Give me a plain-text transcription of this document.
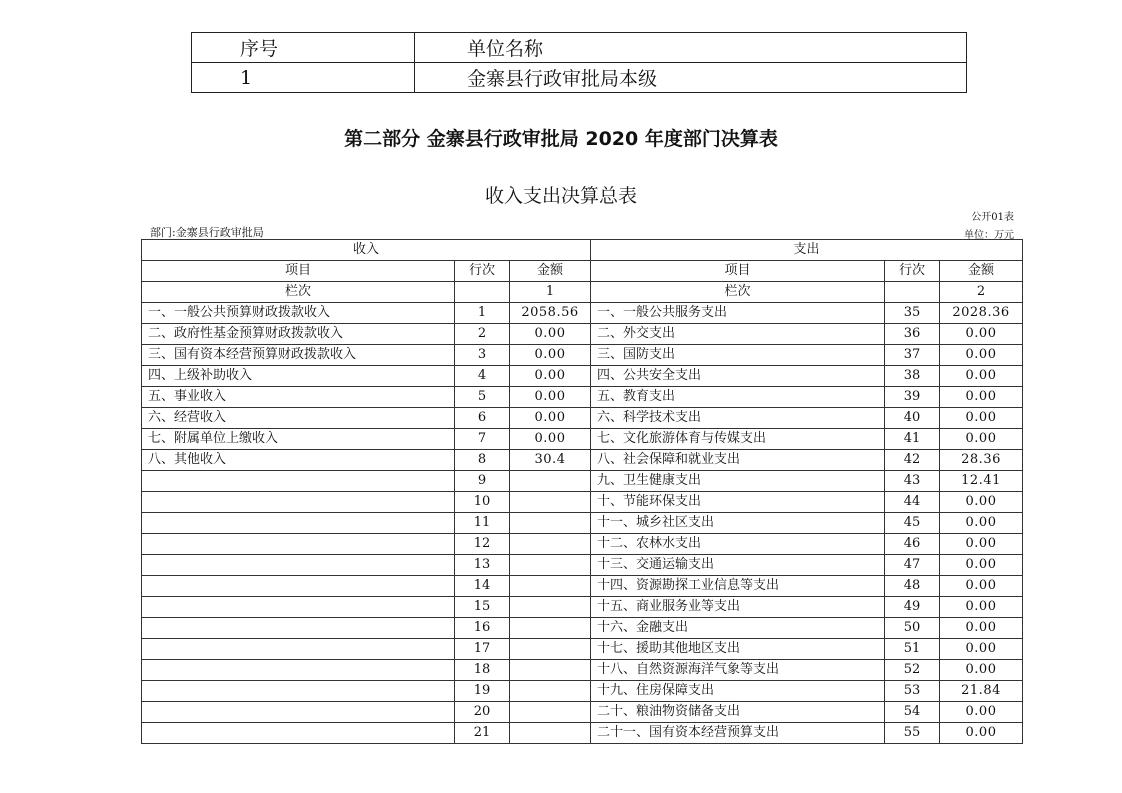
序号	单位名称
1	金寨县行政审批局本级
第二部分 金寨县行政审批局 2020 年度部门决算表
收入支出决算总表
公开01表
部门:金寨县行政审批局	单位：万元
收入			支出		
项目	行次	金额	项目	行次	金额
栏次		1	栏次		2
一、一般公共预算财政拨款收入	1	2058.56	一、一般公共服务支出	35	2028.36
二、政府性基金预算财政拨款收入	2	0.00	二、外交支出	36	0.00
三、国有资本经营预算财政拨款收入	3	0.00	三、国防支出	37	0.00
四、上级补助收入	4	0.00	四、公共安全支出	38	0.00
五、事业收入	5	0.00	五、教育支出	39	0.00
六、经营收入	6	0.00	六、科学技术支出	40	0.00
七、附属单位上缴收入	7	0.00	七、文化旅游体育与传媒支出	41	0.00
八、其他收入	8	30.4	八、社会保障和就业支出	42	28.36
	9		九、卫生健康支出	43	12.41
	10		十、节能环保支出	44	0.00
	11		十一、城乡社区支出	45	0.00
	12		十二、农林水支出	46	0.00
	13		十三、交通运输支出	47	0.00
	14		十四、资源勘探工业信息等支出	48	0.00
	15		十五、商业服务业等支出	49	0.00
	16		十六、金融支出	50	0.00
	17		十七、援助其他地区支出	51	0.00
	18		十八、自然资源海洋气象等支出	52	0.00
	19		十九、住房保障支出	53	21.84
	20		二十、粮油物资储备支出	54	0.00
	21		二十一、国有资本经营预算支出	55	0.00
